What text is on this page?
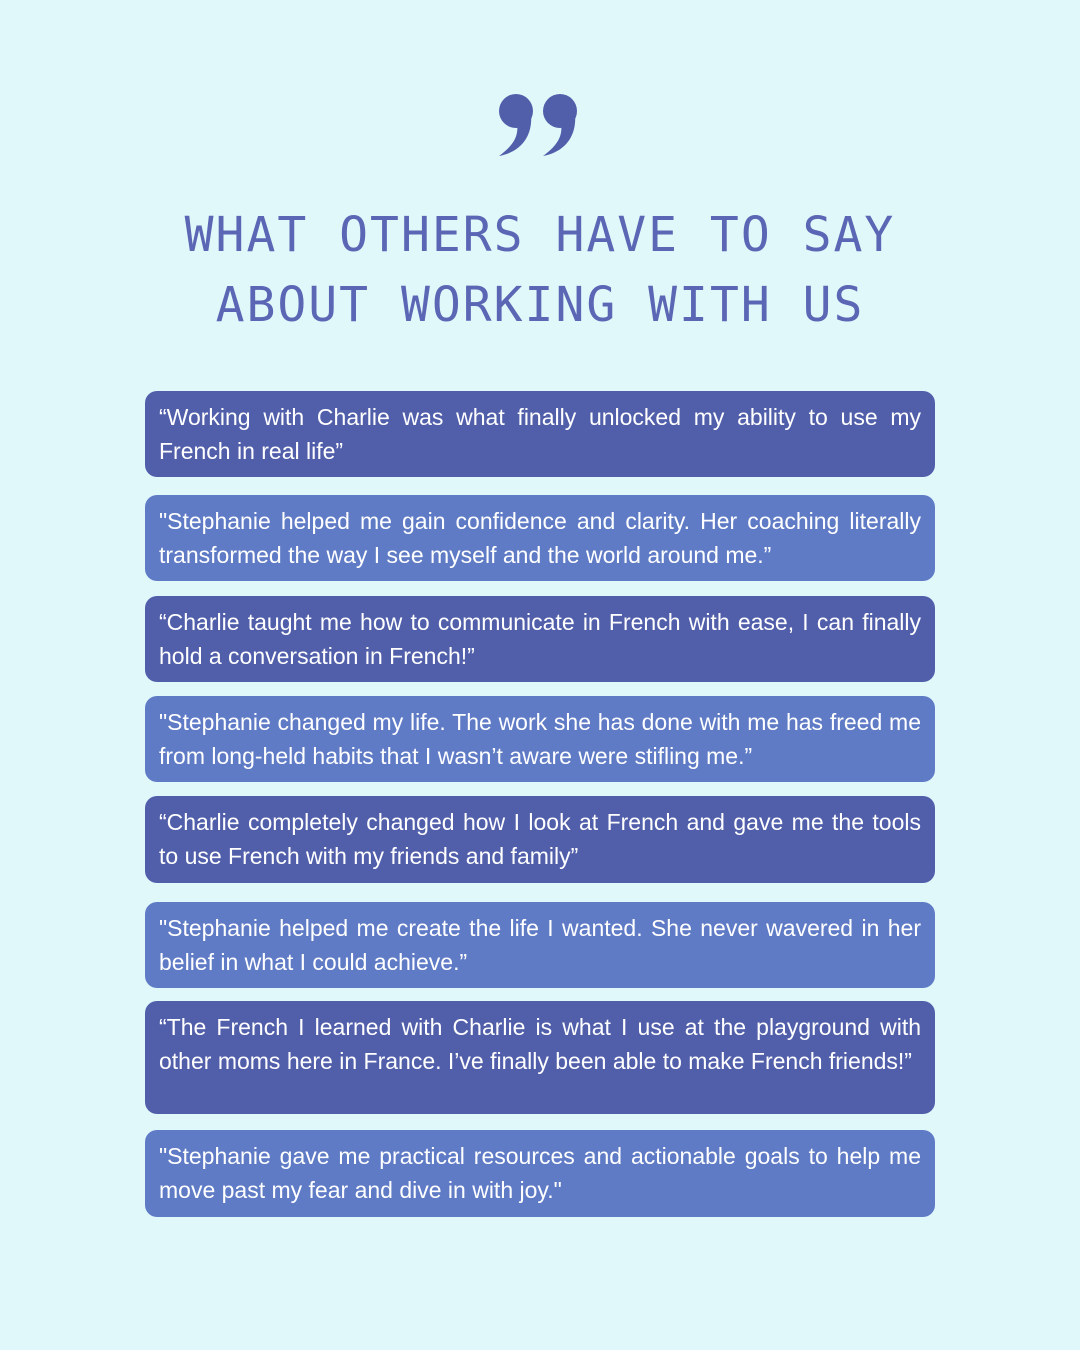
WHAT OTHERS HAVE TO SAY
ABOUT WORKING WITH US
“Working with Charlie was what finally unlocked my ability to use my French in real life”
"Stephanie helped me gain confidence and clarity. Her coaching literally transformed the way I see myself and the world around me.”
“Charlie taught me how to communicate in French with ease, I can finally hold a conversation in French!”
"Stephanie changed my life. The work she has done with me has freed me from long-held habits that I wasn’t aware were stifling me.”
“Charlie completely changed how I look at French and gave me the tools to use French with my friends and family”
"Stephanie helped me create the life I wanted. She never wavered in her belief in what I could achieve.”
“The French I learned with Charlie is what I use at the playground with other moms here in France. I’ve finally been able to make French friends!”
"Stephanie gave me practical resources and actionable goals to help me move past my fear and dive in with joy."
